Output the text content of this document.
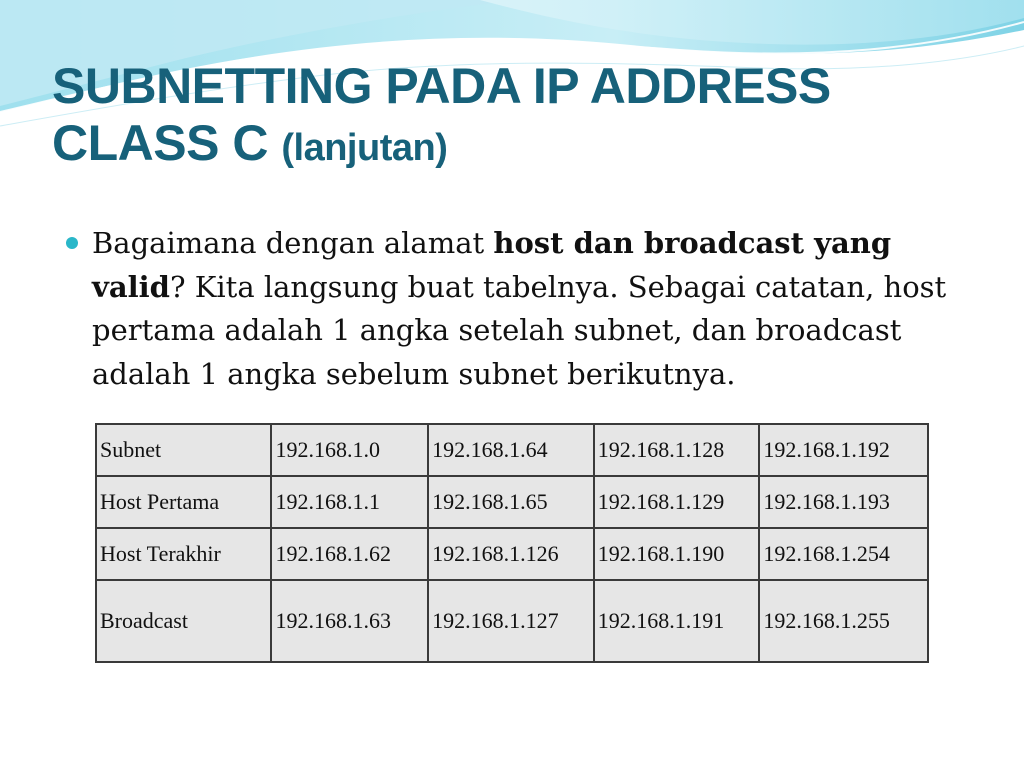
SUBNETTING PADA IP ADDRESS
CLASS C (lanjutan)

Bagaimana dengan alamat host dan broadcast yang valid? Kita langsung buat tabelnya. Sebagai catatan, host pertama adalah 1 angka setelah subnet, dan broadcast adalah 1 angka sebelum subnet berikutnya.

Subnet	192.168.1.0	192.168.1.64	192.168.1.128	192.168.1.192
Host Pertama	192.168.1.1	192.168.1.65	192.168.1.129	192.168.1.193
Host Terakhir	192.168.1.62	192.168.1.126	192.168.1.190	192.168.1.254
Broadcast	192.168.1.63	192.168.1.127	192.168.1.191	192.168.1.255
